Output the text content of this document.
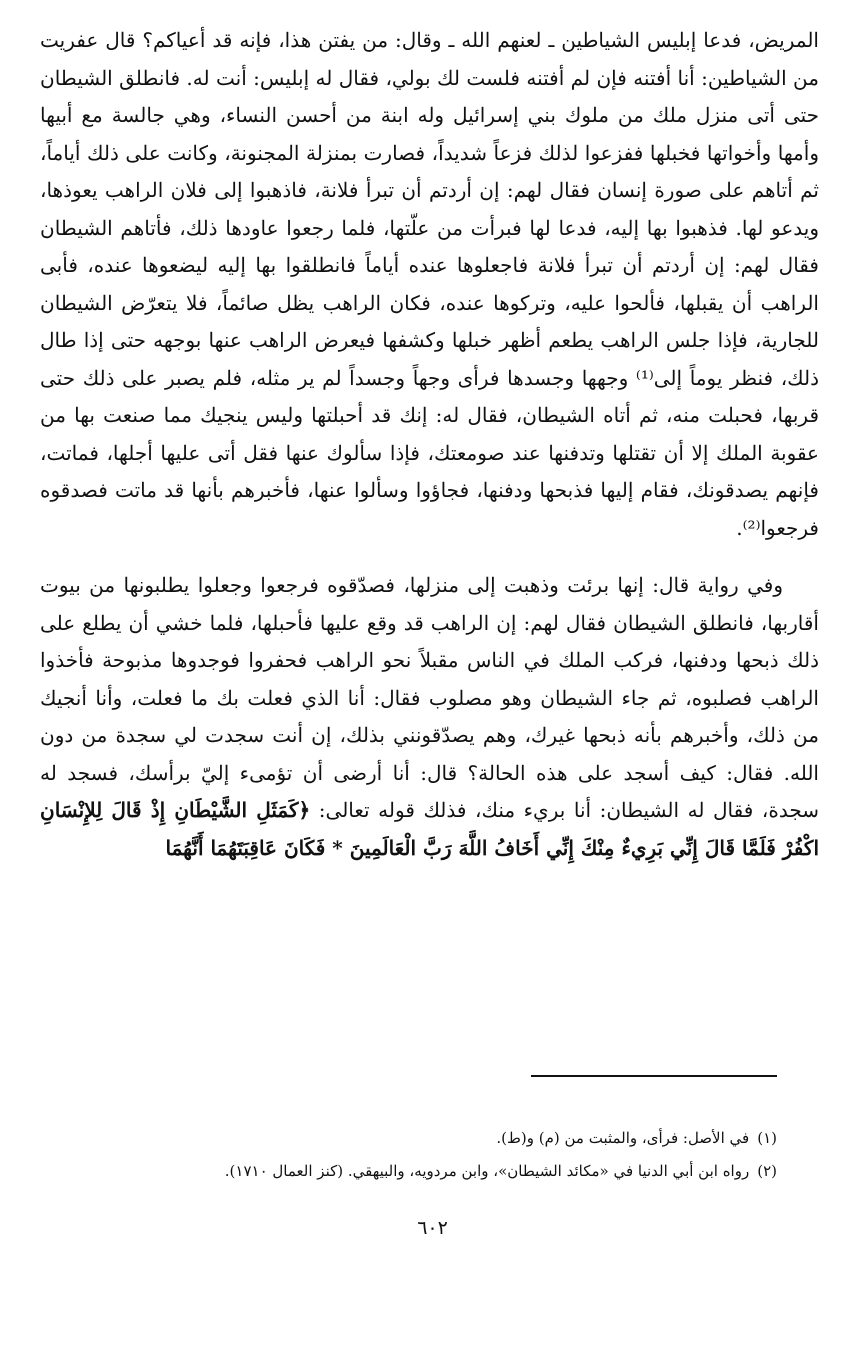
المريض، فدعا إبليس الشياطين ـ لعنهم الله ـ وقال: من يفتن هذا، فإنه قد أعياكم؟ قال عفريت من الشياطين: أنا أفتنه فإن لم أفتنه فلست لك بولي، فقال له إبليس: أنت له. فانطلق الشيطان حتى أتى منزل ملك من ملوك بني إسرائيل وله ابنة من أحسن النساء، وهي جالسة مع أبيها وأمها وأخواتها فخبلها ففزعوا لذلك فزعاً شديداً، فصارت بمنزلة المجنونة، وكانت على ذلك أياماً، ثم أتاهم على صورة إنسان فقال لهم: إن أردتم أن تبرأ فلانة، فاذهبوا إلى فلان الراهب يعوذها، ويدعو لها. فذهبوا بها إليه، فدعا لها فبرأت من علّتها، فلما رجعوا عاودها ذلك، فأتاهم الشيطان فقال لهم: إن أردتم أن تبرأ فلانة فاجعلوها عنده أياماً فانطلقوا بها إليه ليضعوها عنده، فأبى الراهب أن يقبلها، فألحوا عليه، وتركوها عنده، فكان الراهب يظل صائماً، فلا يتعرّض الشيطان للجارية، فإذا جلس الراهب يطعم أظهر خبلها وكشفها فيعرض الراهب عنها بوجهه حتى إذا طال ذلك، فنظر يوماً إلى⁽¹⁾ وجهها وجسدها فرأى وجهاً وجسداً لم ير مثله، فلم يصبر على ذلك حتى قربها، فحبلت منه، ثم أتاه الشيطان، فقال له: إنك قد أحبلتها وليس ينجيك مما صنعت بها من عقوبة الملك إلا أن تقتلها وتدفنها عند صومعتك، فإذا سألوك عنها فقل أتى عليها أجلها، فماتت، فإنهم يصدقونك، فقام إليها فذبحها ودفنها، فجاؤوا وسألوا عنها، فأخبرهم بأنها قد ماتت فصدقوه فرجعوا⁽²⁾.

وفي رواية قال: إنها برئت وذهبت إلى منزلها، فصدّقوه فرجعوا وجعلوا يطلبونها من بيوت أقاربها، فانطلق الشيطان فقال لهم: إن الراهب قد وقع عليها فأحبلها، فلما خشي أن يطلع على ذلك ذبحها ودفنها، فركب الملك في الناس مقبلاً نحو الراهب فحفروا فوجدوها مذبوحة فأخذوا الراهب فصلبوه، ثم جاء الشيطان وهو مصلوب فقال: أنا الذي فعلت بك ما فعلت، وأنا أنجيك من ذلك، وأخبرهم بأنه ذبحها غيرك، وهم يصدّقونني بذلك، إن أنت سجدت لي سجدة من دون الله. فقال: كيف أسجد على هذه الحالة؟ قال: أنا أرضى أن تؤمىء إليّ برأسك، فسجد له سجدة، فقال له الشيطان: أنا بريء منك، فذلك قوله تعالى: ﴿كَمَثَلِ الشَّيْطَانِ إِذْ قَالَ لِلإِنْسَانِ اكْفُرْ فَلَمَّا قَالَ إِنِّي بَرِيءٌ مِنْكَ إِنِّي أَخَافُ اللَّهَ رَبَّ الْعَالَمِينَ * فَكَانَ عَاقِبَتَهُمَا أَنَّهُمَا

(١)في الأصل: فرأى، والمثبت من (م) و(ط).
(٢)رواه ابن أبي الدنيا في «مكائد الشيطان»، وابن مردويه، والبيهقي. (كنز العمال ١٧١٠).
٦٠٢
